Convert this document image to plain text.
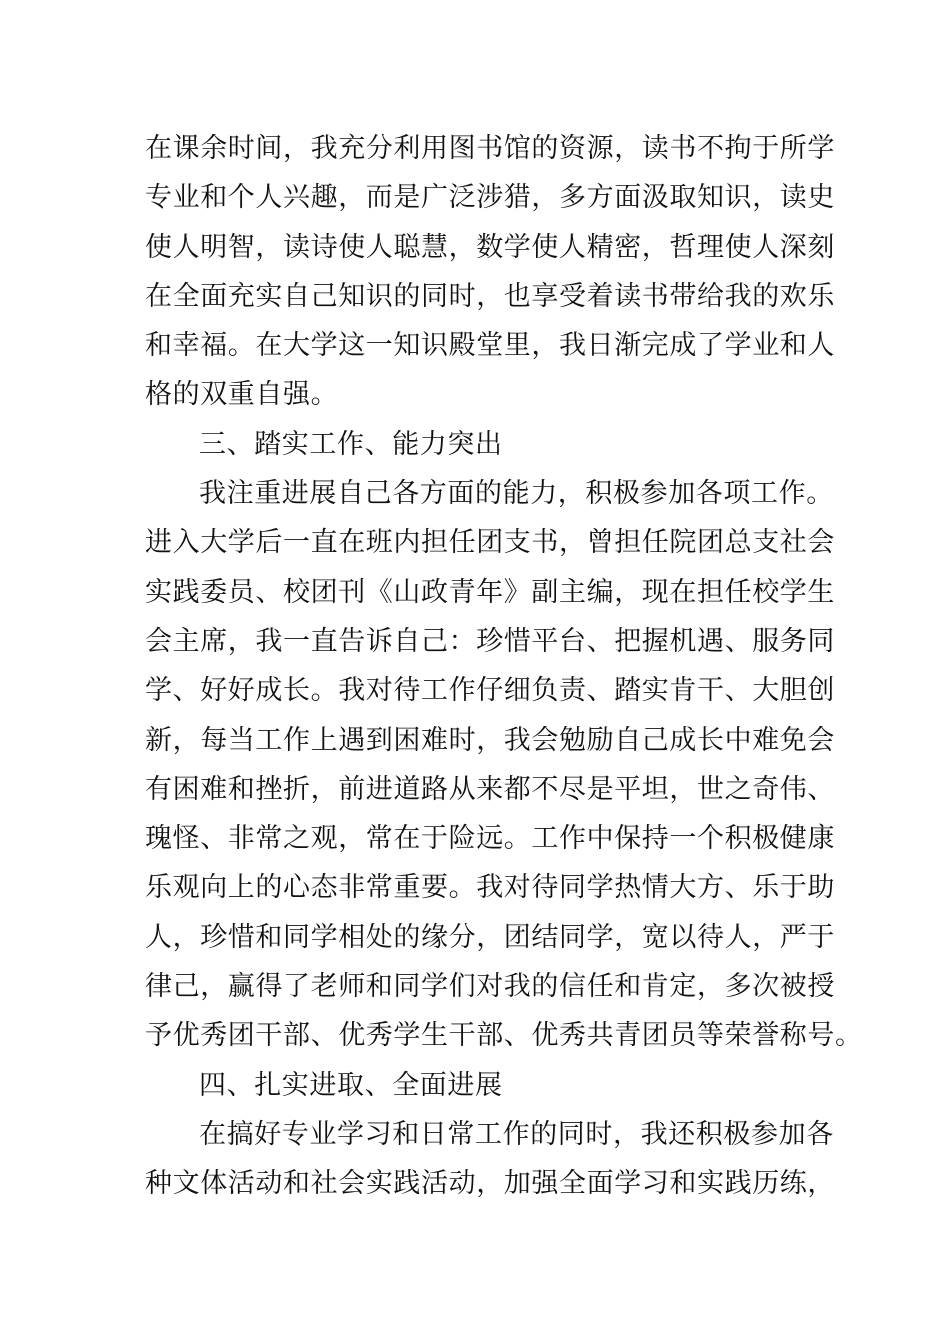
在课余时间，我充分利用图书馆的资源，读书不拘于所学
专业和个人兴趣，而是广泛涉猎，多方面汲取知识，读史
使人明智，读诗使人聪慧，数学使人精密，哲理使人深刻
在全面充实自己知识的同时，也享受着读书带给我的欢乐
和幸福。在大学这一知识殿堂里，我日渐完成了学业和人
格的双重自强。
三、踏实工作、能力突出
我注重进展自己各方面的能力，积极参加各项工作。
进入大学后一直在班内担任团支书，曾担任院团总支社会
实践委员、校团刊《山政青年》副主编，现在担任校学生
会主席，我一直告诉自己：珍惜平台、把握机遇、服务同
学、好好成长。我对待工作仔细负责、踏实肯干、大胆创
新，每当工作上遇到困难时，我会勉励自己成长中难免会
有困难和挫折，前进道路从来都不尽是平坦，世之奇伟、
瑰怪、非常之观，常在于险远。工作中保持一个积极健康
乐观向上的心态非常重要。我对待同学热情大方、乐于助
人，珍惜和同学相处的缘分，团结同学，宽以待人，严于
律己，赢得了老师和同学们对我的信任和肯定，多次被授
予优秀团干部、优秀学生干部、优秀共青团员等荣誉称号。
四、扎实进取、全面进展
在搞好专业学习和日常工作的同时，我还积极参加各
种文体活动和社会实践活动，加强全面学习和实践历练，
